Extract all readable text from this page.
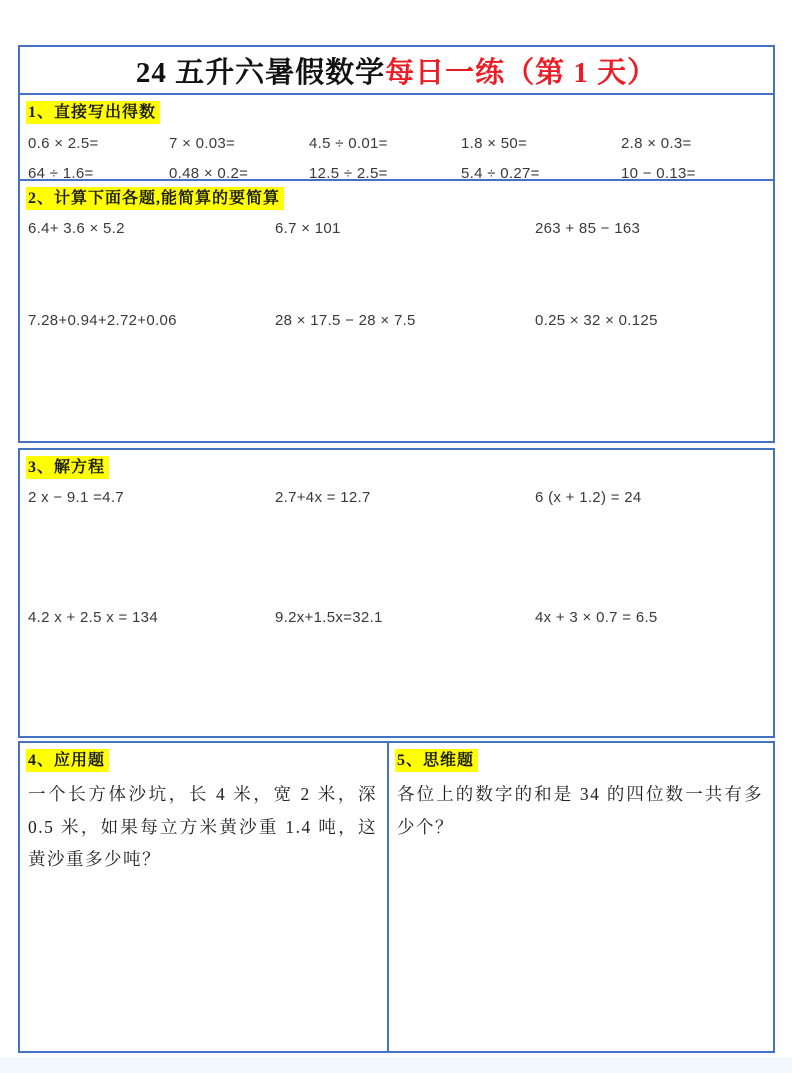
24 五升六暑假数学每日一练（第 1 天）
1、直接写出得数
0.6 × 2.5=	7 × 0.03=	4.5 ÷ 0.01=	1.8 × 50=	2.8 × 0.3=
64 ÷ 1.6=	0.48 × 0.2=	12.5 ÷ 2.5=	5.4 ÷ 0.27=	10 − 0.13=
2、计算下面各题,能简算的要简算
6.4+ 3.6 × 5.2	6.7 × 101	263 + 85 − 163
7.28+0.94+2.72+0.06	28 × 17.5 − 28 × 7.5	0.25 × 32 × 0.125
3、解方程
2 x − 9.1 =4.7	2.7+4x = 12.7	6 (x + 1.2) = 24
4.2 x + 2.5 x = 134	9.2x+1.5x=32.1	4x + 3 × 0.7 = 6.5
4、应用题
一个长方体沙坑，长 4 米，宽 2 米，深 0.5 米，如果每立方米黄沙重 1.4 吨，这黄沙重多少吨？
5、思维题
各位上的数字的和是 34 的四位数一共有多少个？
